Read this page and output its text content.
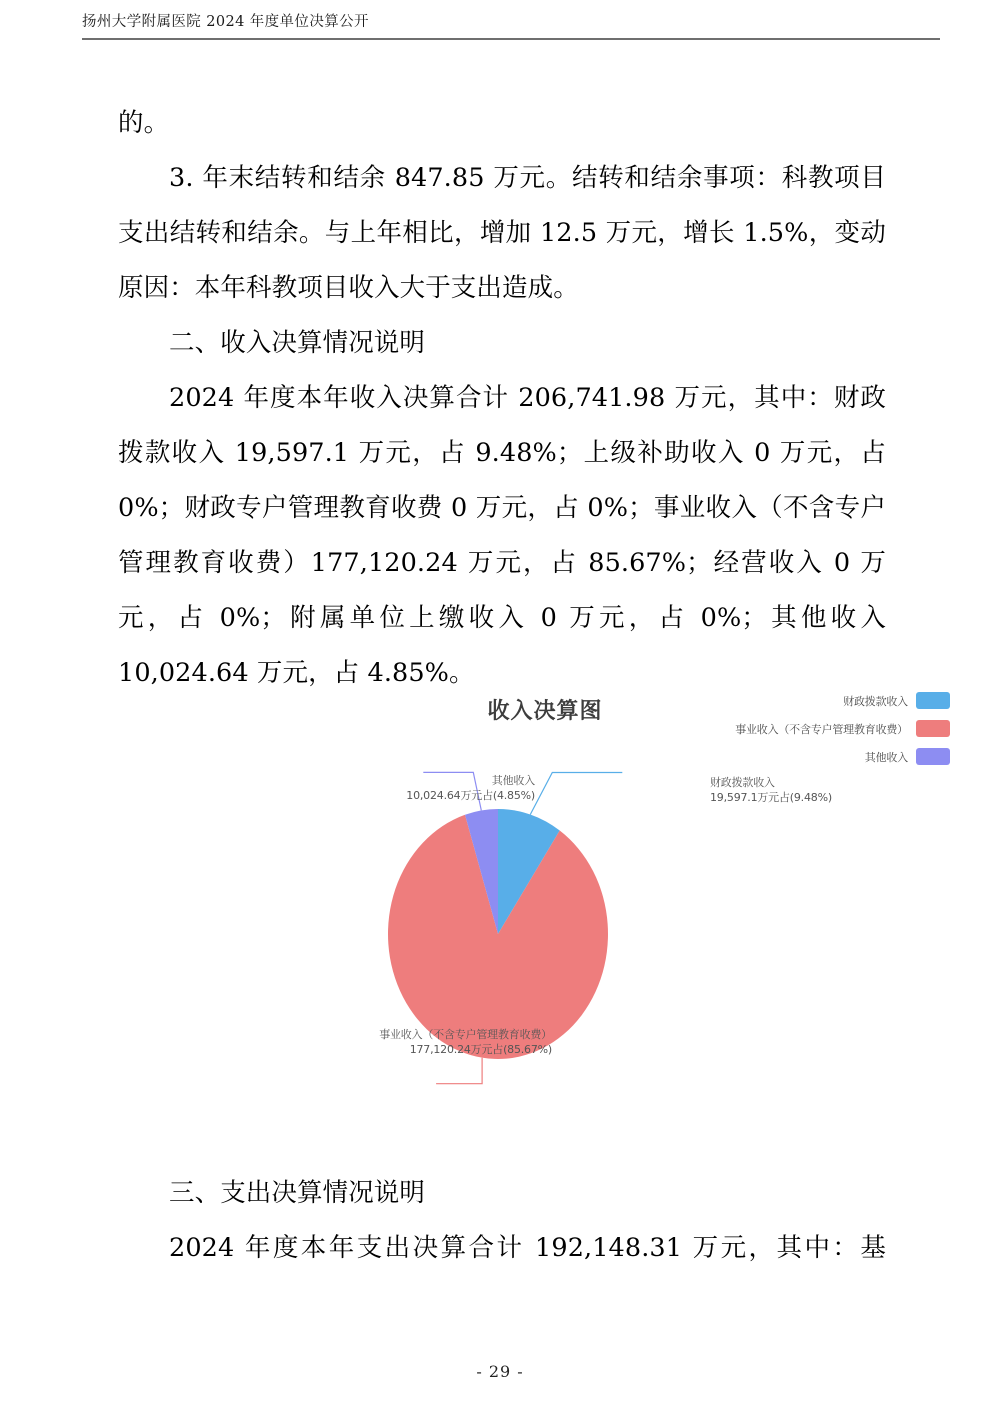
扬州大学附属医院 2024 年度单位决算公开

的。

3. 年末结转和结余 847.85 万元。结转和结余事项：科教项目支出结转和结余。与上年相比，增加 12.5 万元，增长 1.5%，变动原因：本年科教项目收入大于支出造成。

二、收入决算情况说明

2024 年度本年收入决算合计 206,741.98 万元，其中：财政拨款收入 19,597.1 万元，占 9.48%；上级补助收入 0 万元，占 0%；财政专户管理教育收费 0 万元，占 0%；事业收入（不含专户管理教育收费）177,120.24 万元，占 85.67%；经营收入 0 万元，占 0%；附属单位上缴收入 0 万元，占 0%；其他收入 10,024.64 万元，占 4.85%。

收入决算图	财政拨款收入
事业收入（不含专户管理教育收费）
其他收入
其他收入
10,024.64万元占(4.85%)
财政拨款收入
19,597.1万元占(9.48%)
事业收入（不含专户管理教育收费）
177,120.24万元占(85.67%)

三、支出决算情况说明

2024 年度本年支出决算合计 192,148.31 万元，其中：基

- 29 -
